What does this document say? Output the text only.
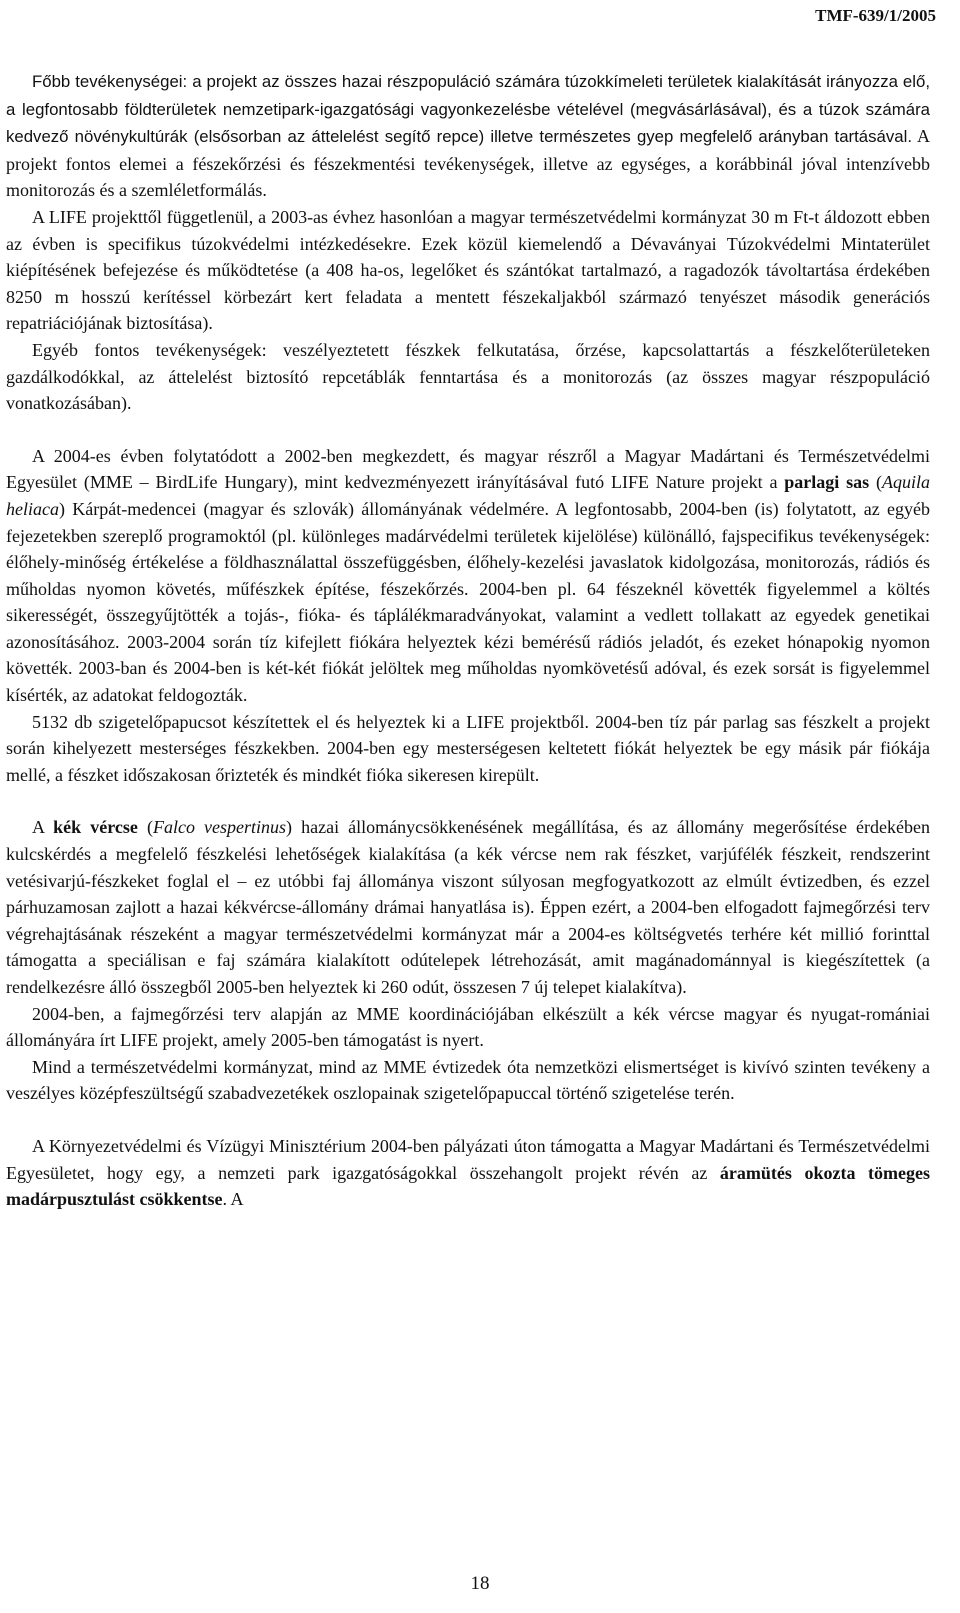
TMF-639/1/2005

Főbb tevékenységei: a projekt az összes hazai részpopuláció számára túzokkímeleti területek kialakítását irányozza elő, a legfontosabb földterületek nemzetipark-igazgatósági vagyonkezelésbe vételével (megvásárlásával), és a túzok számára kedvező növénykultúrák (elsősorban az áttelelést segítő repce) illetve természetes gyep megfelelő arányban tartásával. A projekt fontos elemei a fészekőrzési és fészekmentési tevékenységek, illetve az egységes, a korábbinál jóval intenzívebb monitorozás és a szemléletformálás.

A LIFE projekttől függetlenül, a 2003-as évhez hasonlóan a magyar természetvédelmi kormányzat 30 m Ft-t áldozott ebben az évben is specifikus túzokvédelmi intézkedésekre. Ezek közül kiemelendő a Dévaványai Túzokvédelmi Mintaterület kiépítésének befejezése és működtetése (a 408 ha-os, legelőket és szántókat tartalmazó, a ragadozók távoltartása érdekében 8250 m hosszú kerítéssel körbezárt kert feladata a mentett fészekaljakból származó tenyészet második generációs repatriációjának biztosítása).

Egyéb fontos tevékenységek: veszélyeztetett fészkek felkutatása, őrzése, kapcsolattartás a fészkelőterületeken gazdálkodókkal, az áttelelést biztosító repcetáblák fenntartása és a monitorozás (az összes magyar részpopuláció vonatkozásában).

A 2004-es évben folytatódott a 2002-ben megkezdett, és magyar részről a Magyar Madártani és Természetvédelmi Egyesület (MME – BirdLife Hungary), mint kedvezményezett irányításával futó LIFE Nature projekt a parlagi sas (Aquila heliaca) Kárpát-medencei (magyar és szlovák) állományának védelmére. A legfontosabb, 2004-ben (is) folytatott, az egyéb fejezetekben szereplő programoktól (pl. különleges madárvédelmi területek kijelölése) különálló, fajspecifikus tevékenységek: élőhely-minőség értékelése a földhasználattal összefüggésben, élőhely-kezelési javaslatok kidolgozása, monitorozás, rádiós és műholdas nyomon követés, műfészkek építése, fészekőrzés. 2004-ben pl. 64 fészeknél követték figyelemmel a költés sikerességét, összegyűjtötték a tojás-, fióka- és táplálékmaradványokat, valamint a vedlett tollakatt az egyedek genetikai azonosításához. 2003-2004 során tíz kifejlett fiókára helyeztek kézi bemérésű rádiós jeladót, és ezeket hónapokig nyomon követték. 2003-ban és 2004-ben is két-két fiókát jelöltek meg műholdas nyomkövetésű adóval, és ezek sorsát is figyelemmel kísérték, az adatokat feldogozták.

5132 db szigetelőpapucsot készítettek el és helyeztek ki a LIFE projektből. 2004-ben tíz pár parlag sas fészkelt a projekt során kihelyezett mesterséges fészkekben. 2004-ben egy mesterségesen keltetett fiókát helyeztek be egy másik pár fiókája mellé, a fészket időszakosan őrizteték és mindkét fióka sikeresen kirepült.

A kék vércse (Falco vespertinus) hazai állománycsökkenésének megállítása, és az állomány megerősítése érdekében kulcskérdés a megfelelő fészkelési lehetőségek kialakítása (a kék vércse nem rak fészket, varjúfélék fészkeit, rendszerint vetésivarjú-fészkeket foglal el – ez utóbbi faj állománya viszont súlyosan megfogyatkozott az elmúlt évtizedben, és ezzel párhuzamosan zajlott a hazai kékvércse-állomány drámai hanyatlása is). Éppen ezért, a 2004-ben elfogadott fajmegőrzési terv végrehajtásának részeként a magyar természetvédelmi kormányzat már a 2004-es költségvetés terhére két millió forinttal támogatta a speciálisan e faj számára kialakított odútelepek létrehozását, amit magánadománnyal is kiegészítettek (a rendelkezésre álló összegből 2005-ben helyeztek ki 260 odút, összesen 7 új telepet kialakítva).

2004-ben, a fajmegőrzési terv alapján az MME koordinációjában elkészült a kék vércse magyar és nyugat-romániai állományára írt LIFE projekt, amely 2005-ben támogatást is nyert.

Mind a természetvédelmi kormányzat, mind az MME évtizedek óta nemzetközi elismertséget is kivívó szinten tevékeny a veszélyes középfeszültségű szabadvezetékek oszlopainak szigetelőpapuccal történő szigetelése terén.

A Környezetvédelmi és Vízügyi Minisztérium 2004-ben pályázati úton támogatta a Magyar Madártani és Természetvédelmi Egyesületet, hogy egy, a nemzeti park igazgatóságokkal összehangolt projekt révén az áramütés okozta tömeges madárpusztulást csökkentse. A

18
